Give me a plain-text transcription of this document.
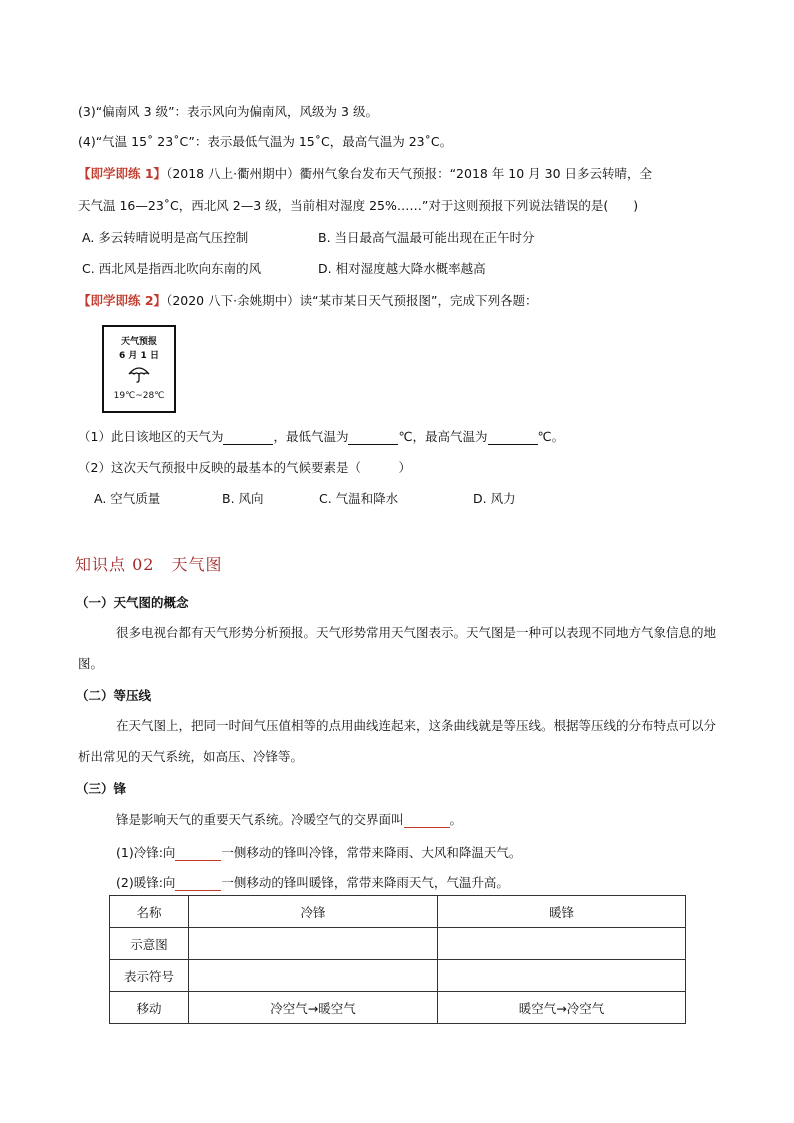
(3)“偏南风 3 级”：表示风向为偏南风，风级为 3 级。
(4)“气温 15˚ 23˚C”：表示最低气温为 15˚C，最高气温为 23˚C。
【即学即练 1】（2018 八上·衢州期中）衢州气象台发布天气预报：“2018 年 10 月 30 日多云转晴，全
天气温 16—23˚C，西北风 2—3 级，当前相对湿度 25%……”对于这则预报下列说法错误的是(　　)
A. 多云转晴说明是高气压控制	B. 当日最高气温最可能出现在正午时分
C. 西北风是指西北吹向东南的风	D. 相对湿度越大降水概率越高
【即学即练 2】（2020 八下·余姚期中）读“某市某日天气预报图”，完成下列各题：
天气预报
6 月 1 日
19℃~28℃
（1）此日该地区的天气为	，最低气温为	℃，最高气温为	℃。
（2）这次天气预报中反映的最基本的气候要素是（　　　）
A. 空气质量	B. 风向	C. 气温和降水	D. 风力
知识点 02　天气图
（一）天气图的概念
很多电视台都有天气形势分析预报。天气形势常用天气图表示。天气图是一种可以表现不同地方气象信息的地图。
（二）等压线
在天气图上，把同一时间气压值相等的点用曲线连起来，这条曲线就是等压线。根据等压线的分布特点可以分析出常见的天气系统，如高压、冷锋等。
（三）锋
锋是影响天气的重要天气系统。冷暖空气的交界面叫	。
(1)冷锋:向	一侧移动的锋叫冷锋，常带来降雨、大风和降温天气。
(2)暖锋:向	一侧移动的锋叫暖锋，常带来降雨天气，气温升高。
名称	冷锋	暖锋
示意图		
表示符号		
移动	冷空气→暖空气	暖空气→冷空气
